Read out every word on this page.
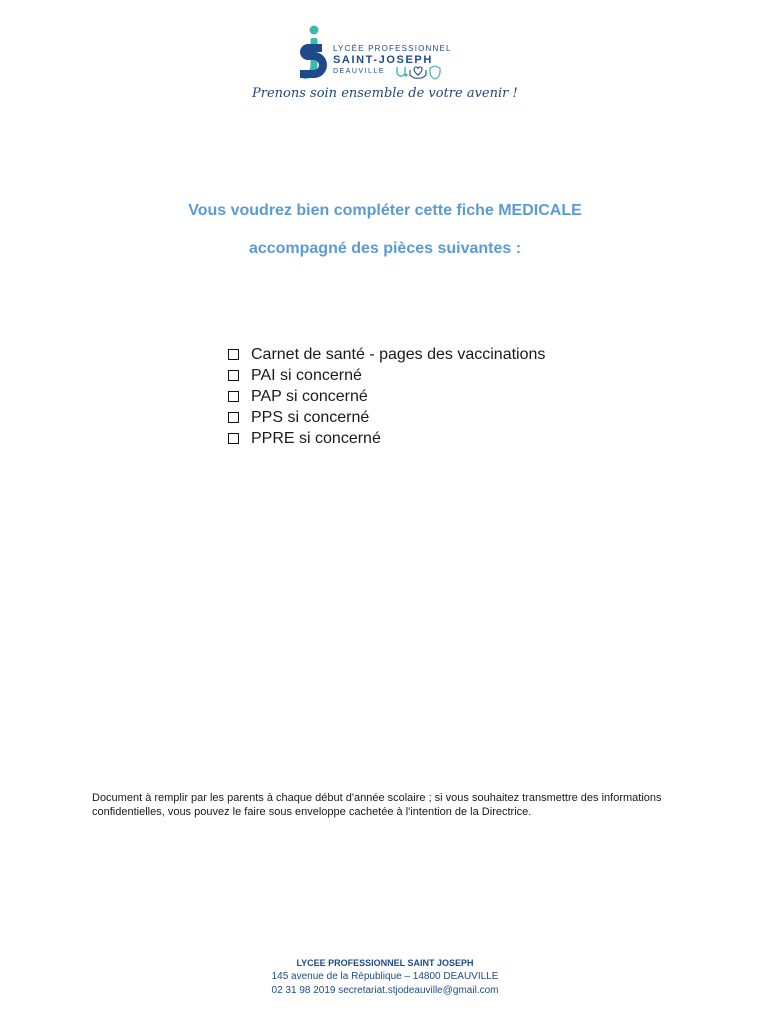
LYCÉE PROFESSIONNEL
SAINT-JOSEPH
DEAUVILLE
Prenons soin ensemble de votre avenir !
Vous voudrez bien compléter cette fiche MEDICALE
accompagné des pièces suivantes :
Carnet de santé - pages des vaccinations
PAI si concerné
PAP si concerné
PPS si concerné
PPRE si concerné
Document à remplir par les parents à chaque début d'année scolaire ; si vous souhaitez transmettre des informations confidentielles, vous pouvez le faire sous enveloppe cachetée à l'intention de la Directrice.
LYCEE PROFESSIONNEL SAINT JOSEPH
145 avenue de la République – 14800 DEAUVILLE
02 31 98 2019 secretariat.stjodeauville@gmail.com
